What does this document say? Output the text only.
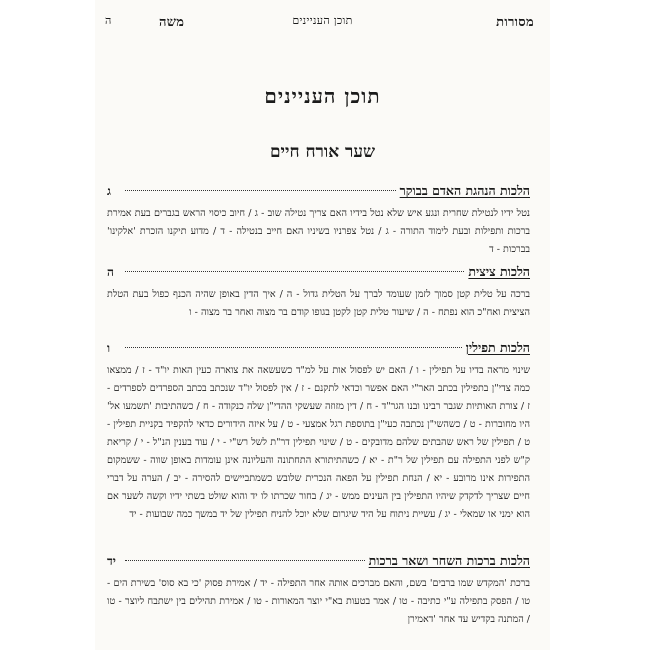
מסורות
תוכן העניינים
משה
ה
תוכן העניינים
שער אורח חיים
הלכות הנהגת האדם בבוקר
ג
נטל ידיו לנטילת שחרית ונגע איש שלא נטל בידיו האם צריך נטילה שוב - ג / חיוב כיסוי הראש בגברים בעת אמירת ברכות ותפילות ובעת לימוד התורה - ג / נטל צפרניו בשיניו האם חייב בנטילה - ד / מדוע תיקנו הזכרת 'אלקינו' בברכות - ד
הלכות ציצית
ה
ברכה על טלית קטן סמוך לזמן שעומד לברך על הטלית גדול - ה / איך הדין באופן שהיה הכנף כפול בעת הטלת הציצית ואח"כ הוא נפתח - ה / שיעור טלית קטן לקטן בגופו קודם בר מצוה ואחר בר מצוה - ו
הלכות תפילין
ו
שינוי מראה בדיו על תפילין - ו / האם יש לפסול אות על למ"ד כשעשאה את צוארה כעין האות יו"ד - ז / ממצאו כמה צדי"ן בתפילין בכתב האר"י האם אפשר וכדאי לתקנם - ז / אין לפסול יו"ד שנכתב בכתב הספרדים לספרדים - ז / צורת האותיות שגבר רבינו ובנו הגר"ד - ח / דין מזוזה שעשקי ההדי"ן שלה כנקודה - ח / כשהתיבות 'תשמעו אל' היו מחוברות - ט / כשהשי"ן נכתבה כעי"ן בתוספת רגל אמצעי - ט / על איזה הידורים כדאי להקפיד בקניית תפילין - ט / תפילין של ראש שהבתים שלהם מדובקים - ט / שינוי תפילין דר"ת לשל רש"י - י / עוד בענין הנ"ל - י / קריאת ק"ש לפני התפילה עם תפילין של ר"ת - יא / כשהתיתורא התחתונה והעליונה אינן עומדות באופן שווה - ששמקום התפירות אינו מרובע - יא / הנחת תפילין על הפאה הנכרית שלובש כשמתביישים להסירה - יב / הערה על דברי חיים שצריך לדקדק שיהיו התפילין בין העינים ממש - יג / בחור שכרתו לו יד והוא שולט בשתי ידיו וקשה לשער אם הוא ימני או שמאלי - יג / עשיית ניתוח על היד שיגרום שלא יוכל להניח תפילין של יד במשך כמה שבועות - יד
הלכות ברכות השחר ושאר ברכות
יד
ברכת 'המקדש שמו ברבים' בשם, והאם מברכים אותה אחר התפילה - יד / אמירת פסוק 'כי בא סוס' בשירת הים - טו / הפסק בתפילה ע"י כתיבה - טו / אמר בטעות בא"י יוצר המאורות - טו / אמירת תהילים בין ישתבח ליוצר - טו / המתנה בקדיש עד אחר 'דאמירן
